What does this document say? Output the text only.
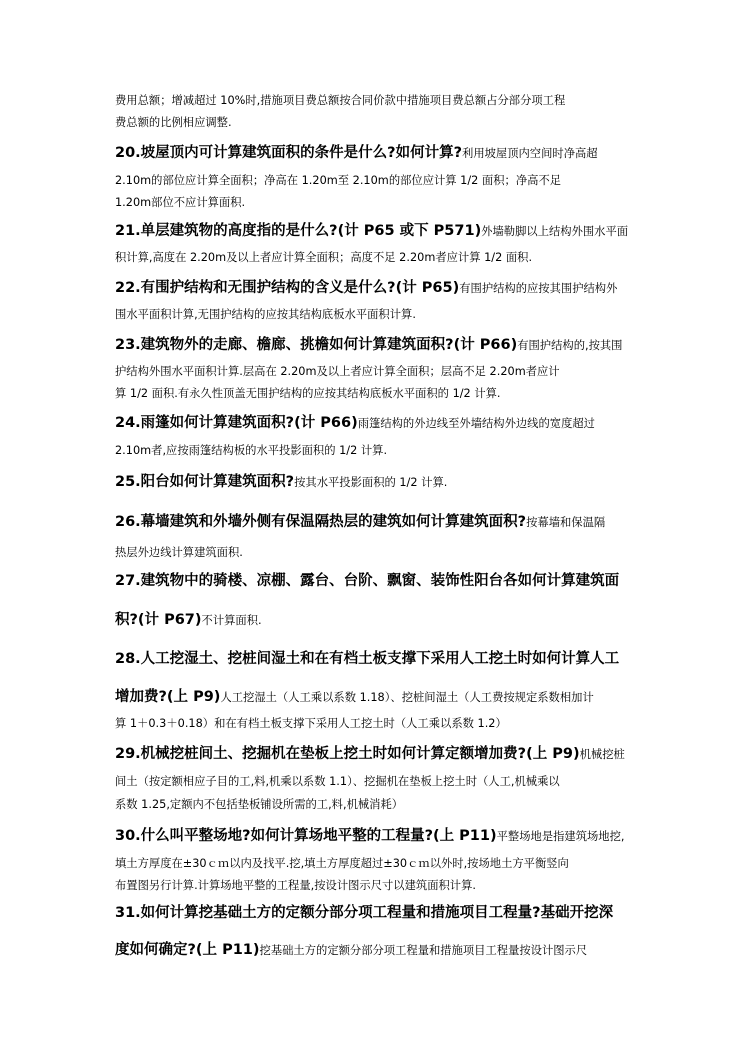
费用总额；增减超过 10%时,措施项目费总额按合同价款中措施项目费总额占分部分项工程
费总额的比例相应调整.
20.坡屋顶内可计算建筑面积的条件是什么?如何计算?利用坡屋顶内空间时净高超
2.10m的部位应计算全面积；净高在 1.20m至 2.10m的部位应计算 1/2 面积；净高不足
1.20m部位不应计算面积.
21.单层建筑物的高度指的是什么?(计 P65 或下 P571)外墙勒脚以上结构外围水平面
积计算,高度在 2.20m及以上者应计算全面积；高度不足 2.20m者应计算 1/2 面积.
22.有围护结构和无围护结构的含义是什么?(计 P65)有围护结构的应按其围护结构外
围水平面积计算,无围护结构的应按其结构底板水平面积计算.
23.建筑物外的走廊、檐廊、挑檐如何计算建筑面积?(计 P66)有围护结构的,按其围
护结构外围水平面积计算.层高在 2.20m及以上者应计算全面积；层高不足 2.20m者应计
算 1/2 面积.有永久性顶盖无围护结构的应按其结构底板水平面积的 1/2 计算.
24.雨篷如何计算建筑面积?(计 P66)雨篷结构的外边线至外墙结构外边线的宽度超过
2.10m者,应按雨篷结构板的水平投影面积的 1/2 计算.
25.阳台如何计算建筑面积?按其水平投影面积的 1/2 计算.
26.幕墙建筑和外墙外侧有保温隔热层的建筑如何计算建筑面积?按幕墙和保温隔
热层外边线计算建筑面积.
27.建筑物中的骑楼、凉棚、露台、台阶、飘窗、装饰性阳台各如何计算建筑面
积?(计 P67)不计算面积.
28.人工挖湿土、挖桩间湿土和在有档土板支撑下采用人工挖土时如何计算人工
增加费?(上 P9)人工挖湿土（人工乘以系数 1.18）、挖桩间湿土（人工费按规定系数相加计
算 1＋0.3＋0.18）和在有档土板支撑下采用人工挖土时（人工乘以系数 1.2）
29.机械挖桩间土、挖掘机在垫板上挖土时如何计算定额增加费?(上 P9)机械挖桩
间土（按定额相应子目的工,料,机乘以系数 1.1）、挖掘机在垫板上挖土时（人工,机械乘以
系数 1.25,定额内不包括垫板铺设所需的工,料,机械消耗）
30.什么叫平整场地?如何计算场地平整的工程量?(上 P11)平整场地是指建筑场地挖,
填土方厚度在±30ｃｍ以内及找平.挖,填土方厚度超过±30ｃｍ以外时,按场地土方平衡竖向
布置图另行计算.计算场地平整的工程量,按设计图示尺寸以建筑面积计算.
31.如何计算挖基础土方的定额分部分项工程量和措施项目工程量?基础开挖深
度如何确定?(上 P11)挖基础土方的定额分部分项工程量和措施项目工程量按设计图示尺
